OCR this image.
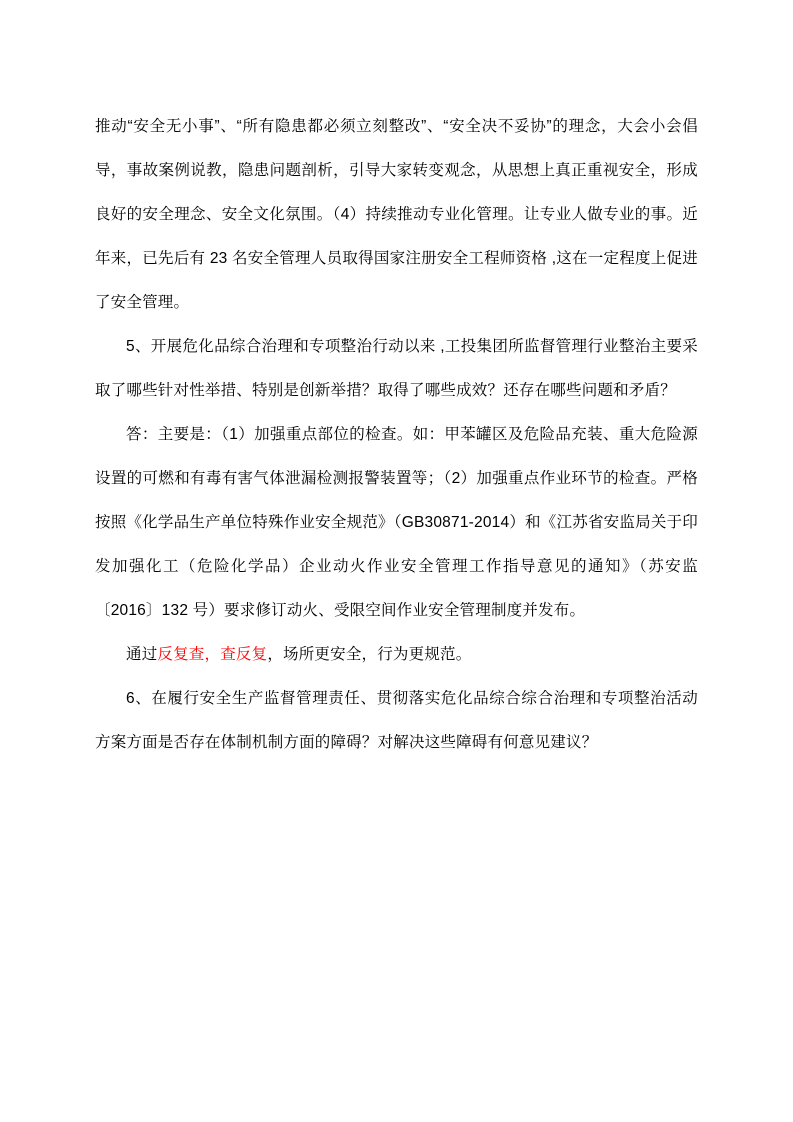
推动“安全无小事”、“所有隐患都必须立刻整改”、“安全决不妥协”的理念，大会小会倡导，事故案例说教，隐患问题剖析，引导大家转变观念，从思想上真正重视安全，形成良好的安全理念、安全文化氛围。（4）持续推动专业化管理。让专业人做专业的事。近年来，已先后有 23 名安全管理人员取得国家注册安全工程师资格 ,这在一定程度上促进了安全管理。

5、开展危化品综合治理和专项整治行动以来 ,工投集团所监督管理行业整治主要采取了哪些针对性举措、特别是创新举措？取得了哪些成效？还存在哪些问题和矛盾？

答：主要是：（1）加强重点部位的检查。如：甲苯罐区及危险品充装、重大危险源设置的可燃和有毒有害气体泄漏检测报警装置等；（2）加强重点作业环节的检查。严格按照《化学品生产单位特殊作业安全规范》（GB30871-2014）和《江苏省安监局关于印发加强化工（危险化学品）企业动火作业安全管理工作指导意见的通知》（苏安监〔2016〕132 号）要求修订动火、受限空间作业安全管理制度并发布。

通过反复查，查反复，场所更安全，行为更规范。

6、在履行安全生产监督管理责任、贯彻落实危化品综合综合治理和专项整治活动方案方面是否存在体制机制方面的障碍？对解决这些障碍有何意见建议？
